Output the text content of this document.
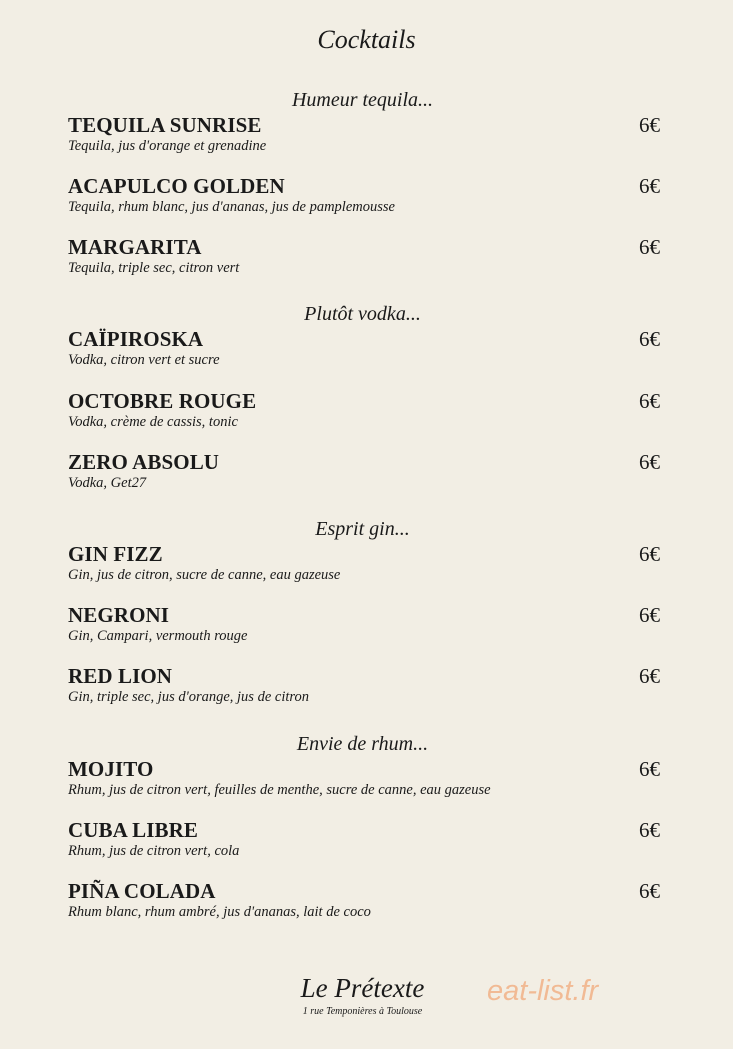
Cocktails
Humeur tequila...
TEQUILA SUNRISE	6€
Tequila, jus d'orange et grenadine
ACAPULCO GOLDEN	6€
Tequila, rhum blanc, jus d'ananas, jus de pamplemousse
MARGARITA	6€
Tequila, triple sec, citron vert
Plutôt vodka...
CAÏPIROSKA	6€
Vodka, citron vert et sucre
OCTOBRE ROUGE	6€
Vodka, crème de cassis, tonic
ZERO ABSOLU	6€
Vodka, Get27
Esprit gin...
GIN FIZZ	6€
Gin, jus de citron, sucre de canne, eau gazeuse
NEGRONI	6€
Gin, Campari, vermouth rouge
RED LION	6€
Gin, triple sec, jus d'orange, jus de citron
Envie de rhum...
MOJITO	6€
Rhum, jus de citron vert, feuilles de menthe, sucre de canne, eau gazeuse
CUBA LIBRE	6€
Rhum, jus de citron vert, cola
PIÑA COLADA	6€
Rhum blanc, rhum ambré, jus d'ananas, lait de coco
Le Prétexte
1 rue Temponières à Toulouse
eat-list.fr
